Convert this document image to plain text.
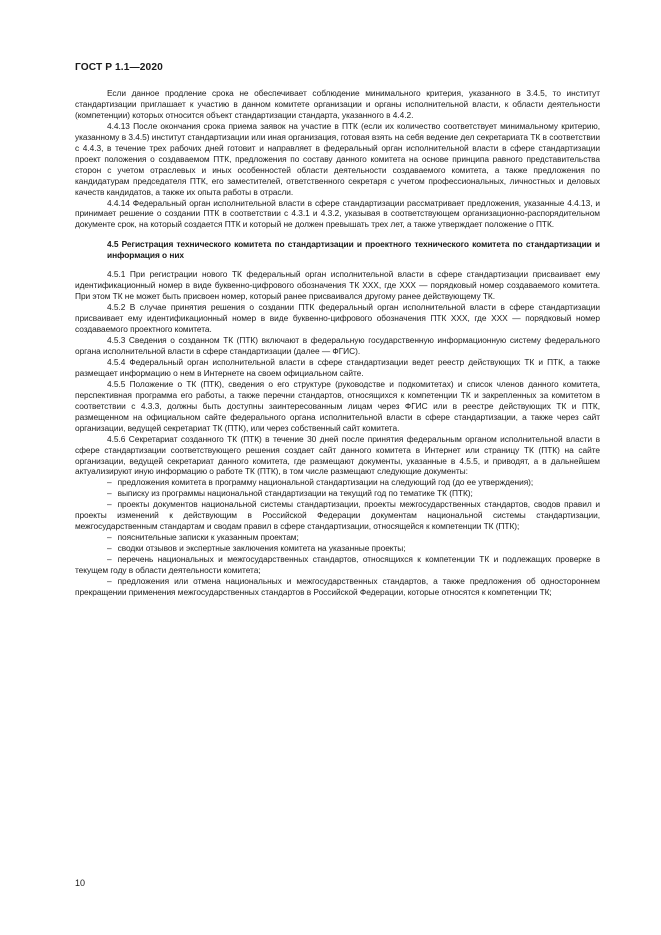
ГОСТ Р 1.1—2020

Если данное продление срока не обеспечивает соблюдение минимального критерия, указанного в 3.4.5, то институт стандартизации приглашает к участию в данном комитете организации и органы исполнительной власти, к области деятельности (компетенции) которых относится объект стандартизации стандарта, указанного в 4.4.2.

4.4.13 После окончания срока приема заявок на участие в ПТК (если их количество соответствует минимальному критерию, указанному в 3.4.5) институт стандартизации или иная организация, готовая взять на себя ведение дел секретариата ТК в соответствии с 4.4.3, в течение трех рабочих дней готовит и направляет в федеральный орган исполнительной власти в сфере стандартизации проект положения о создаваемом ПТК, предложения по составу данного комитета на основе принципа равного представительства сторон с учетом отраслевых и иных особенностей области деятельности создаваемого комитета, а также предложения по кандидатурам председателя ПТК, его заместителей, ответственного секретаря с учетом профессиональных, личностных и деловых качеств кандидатов, а также их опыта работы в отрасли.

4.4.14 Федеральный орган исполнительной власти в сфере стандартизации рассматривает предложения, указанные 4.4.13, и принимает решение о создании ПТК в соответствии с 4.3.1 и 4.3.2, указывая в соответствующем организационно-распорядительном документе срок, на который создается ПТК и который не должен превышать трех лет, а также утверждает положение о ПТК.

4.5 Регистрация технического комитета по стандартизации и проектного технического комитета по стандартизации и информация о них

4.5.1 При регистрации нового ТК федеральный орган исполнительной власти в сфере стандартизации присваивает ему идентификационный номер в виде буквенно-цифрового обозначения ТК ХХХ, где ХХХ — порядковый номер создаваемого комитета. При этом ТК не может быть присвоен номер, который ранее присваивался другому ранее действующему ТК.

4.5.2 В случае принятия решения о создании ПТК федеральный орган исполнительной власти в сфере стандартизации присваивает ему идентификационный номер в виде буквенно-цифрового обозначения ПТК ХХХ, где ХХХ — порядковый номер создаваемого проектного комитета.

4.5.3 Сведения о созданном ТК (ПТК) включают в федеральную государственную информационную систему федерального органа исполнительной власти в сфере стандартизации (далее — ФГИС).

4.5.4 Федеральный орган исполнительной власти в сфере стандартизации ведет реестр действующих ТК и ПТК, а также размещает информацию о нем в Интернете на своем официальном сайте.

4.5.5 Положение о ТК (ПТК), сведения о его структуре (руководстве и подкомитетах) и список членов данного комитета, перспективная программа его работы, а также перечни стандартов, относящихся к компетенции ТК и закрепленных за комитетом в соответствии с 4.3.3, должны быть доступны заинтересованным лицам через ФГИС или в реестре действующих ТК и ПТК, размещенном на официальном сайте федерального органа исполнительной власти в сфере стандартизации, а также через сайт организации, ведущей секретариат ТК (ПТК), или через собственный сайт комитета.

4.5.6 Секретариат созданного ТК (ПТК) в течение 30 дней после принятия федеральным органом исполнительной власти в сфере стандартизации соответствующего решения создает сайт данного комитета в Интернет или страницу ТК (ПТК) на сайте организации, ведущей секретариат данного комитета, где размещают документы, указанные в 4.5.5, и приводят, а в дальнейшем актуализируют иную информацию о работе ТК (ПТК), в том числе размещают следующие документы:

– предложения комитета в программу национальной стандартизации на следующий год (до ее утверждения);

– выписку из программы национальной стандартизации на текущий год по тематике ТК (ПТК);

– проекты документов национальной системы стандартизации, проекты межгосударственных стандартов, сводов правил и проекты изменений к действующим в Российской Федерации документам национальной системы стандартизации, межгосударственным стандартам и сводам правил в сфере стандартизации, относящейся к компетенции ТК (ПТК);

– пояснительные записки к указанным проектам;

– сводки отзывов и экспертные заключения комитета на указанные проекты;

– перечень национальных и межгосударственных стандартов, относящихся к компетенции ТК и подлежащих проверке в текущем году в области деятельности комитета;

– предложения или отмена национальных и межгосударственных стандартов, а также предложения об одностороннем прекращении применения межгосударственных стандартов в Российской Федерации, которые относятся к компетенции ТК;

10
